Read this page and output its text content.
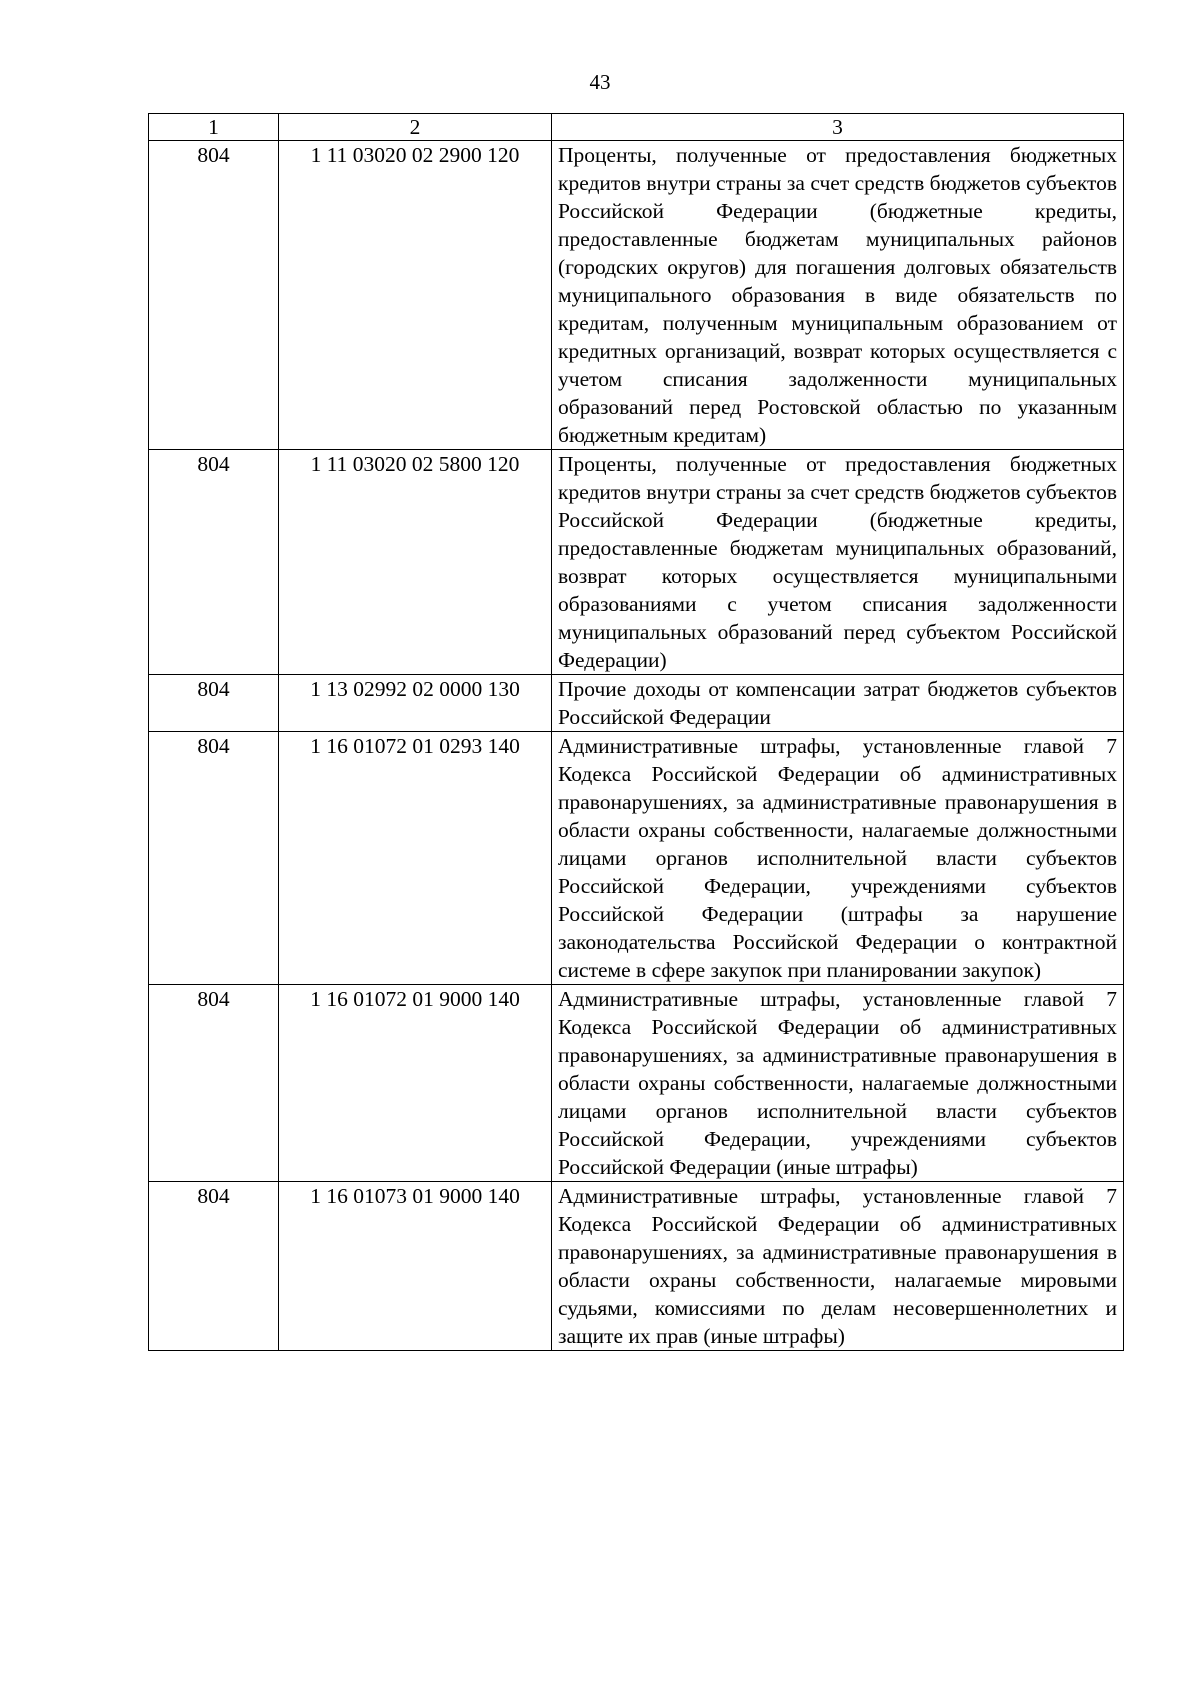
43
1	2	3
804	1 11 03020 02 2900 120	Проценты, полученные от предоставления бюджетных кредитов внутри страны за счет средств бюджетов субъектов Российской Федерации (бюджетные кредиты, предоставленные бюджетам муниципальных районов (городских округов) для погашения долговых обязательств муниципального образования в виде обязательств по кредитам, полученным муниципальным образованием от кредитных организаций, возврат которых осуществляется с учетом списания задолженности муниципальных образований перед Ростовской областью по указанным бюджетным кредитам)
804	1 11 03020 02 5800 120	Проценты, полученные от предоставления бюджетных кредитов внутри страны за счет средств бюджетов субъектов Российской Федерации (бюджетные кредиты, предоставленные бюджетам муниципальных образований, возврат которых осуществляется муниципальными образованиями с учетом списания задолженности муниципальных образований перед субъектом Российской Федерации)
804	1 13 02992 02 0000 130	Прочие доходы от компенсации затрат бюджетов субъектов Российской Федерации
804	1 16 01072 01 0293 140	Административные штрафы, установленные главой 7 Кодекса Российской Федерации об административных правонарушениях, за административные правонарушения в области охраны собственности, налагаемые должностными лицами органов исполнительной власти субъектов Российской Федерации, учреждениями субъектов Российской Федерации (штрафы за нарушение законодательства Российской Федерации о контрактной системе в сфере закупок при планировании закупок)
804	1 16 01072 01 9000 140	Административные штрафы, установленные главой 7 Кодекса Российской Федерации об административных правонарушениях, за административные правонарушения в области охраны собственности, налагаемые должностными лицами органов исполнительной власти субъектов Российской Федерации, учреждениями субъектов Российской Федерации (иные штрафы)
804	1 16 01073 01 9000 140	Административные штрафы, установленные главой 7 Кодекса Российской Федерации об административных правонарушениях, за административные правонарушения в области охраны собственности, налагаемые мировыми судьями, комиссиями по делам несовершеннолетних и защите их прав (иные штрафы)
